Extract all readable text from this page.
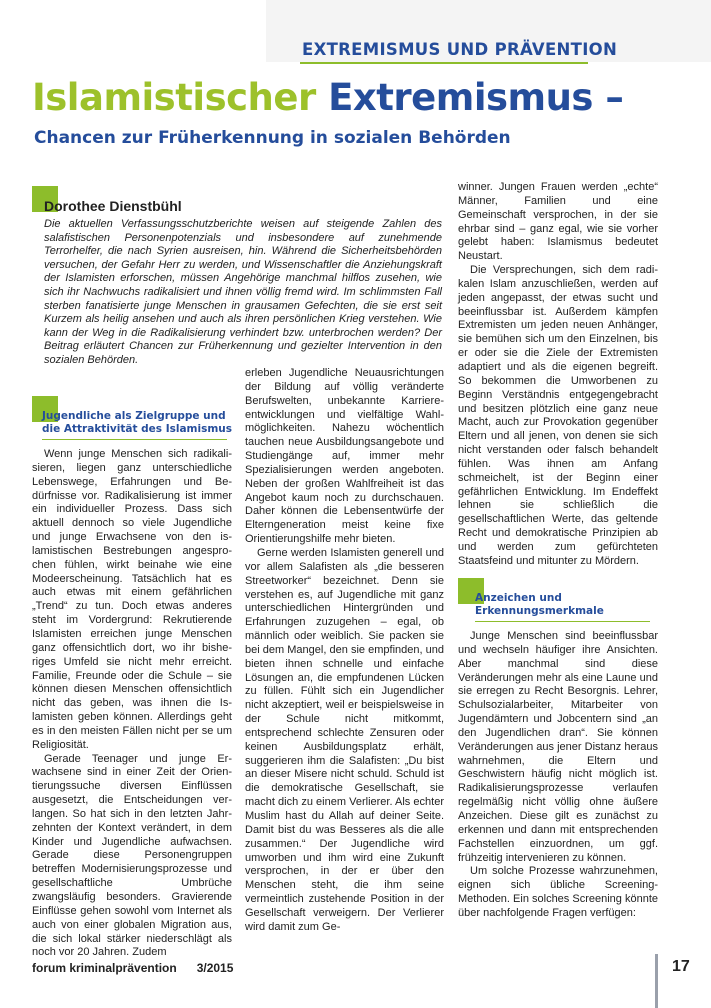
EXTREMISMUS UND PRÄVENTION
Islamistischer Extremismus –
Chancen zur Früherkennung in sozialen Behörden
Dorothee Dienstbühl

Die aktuellen Verfassungsschutzberichte weisen auf steigende Zahlen des salafistischen Personenpotenzials und insbesondere auf zunehmende Terrorhelfer, die nach Syrien ausreisen, hin. Während die Sicherheitsbehörden versuchen, der Gefahr Herr zu werden, und Wissenschaftler die Anziehungskraft der Islamisten erforschen, müssen Angehörige manchmal hilflos zusehen, wie sich ihr Nachwuchs radikalisiert und ihnen völlig fremd wird. Im schlimmsten Fall sterben fanatisierte junge Menschen in grausamen Gefechten, die sie erst seit Kurzem als heilig ansehen und auch als ihren persönlichen Krieg verstehen. Wie kann der Weg in die Radikalisierung verhindert bzw. unterbrochen werden? Der Beitrag erläutert Chancen zur Früherkennung und gezielter Intervention in den sozialen Behörden.

Jugendliche als Zielgruppe und die Attraktivität des Islamismus

Wenn junge Menschen sich radikalisieren, liegen ganz unterschiedliche Lebenswege, Erfahrungen und Bedürfnisse vor. Radikalisierung ist immer ein individueller Prozess. Dass sich aktuell dennoch so viele Jugendliche und junge Erwachsene von den islamistischen Bestrebungen angesprochen fühlen, wirkt beinahe wie eine Modeerscheinung. Tatsächlich hat es auch etwas mit einem gefährlichen „Trend“ zu tun. Doch etwas anderes steht im Vordergrund: Rekrutierende Islamisten erreichen junge Menschen ganz offensichtlich dort, wo ihr bisheriges Umfeld sie nicht mehr erreicht. Familie, Freunde oder die Schule – sie können diesen Menschen offensichtlich nicht das geben, was ihnen die Islamisten geben können. Allerdings geht es in den meisten Fällen nicht per se um Religiosität.

Gerade Teenager und junge Erwachsene sind in einer Zeit der Orientierungssuche diversen Einflüssen ausgesetzt, die Entscheidungen verlangen. So hat sich in den letzten Jahrzehnten der Kontext verändert, in dem Kinder und Jugendliche aufwachsen. Gerade diese Personengruppen betreffen Modernisierungsprozesse und gesellschaftliche Umbrüche zwangsläufig besonders. Gravierende Einflüsse gehen sowohl vom Internet als auch von einer globalen Migration aus, die sich lokal stärker niederschlägt als noch vor 20 Jahren. Zudem

erleben Jugendliche Neuausrichtungen der Bildung auf völlig veränderte Berufswelten, unbekannte Karriereentwicklungen und vielfältige Wahlmöglichkeiten. Nahezu wöchentlich tauchen neue Ausbildungsangebote und Studiengänge auf, immer mehr Spezialisierungen werden angeboten. Neben der großen Wahlfreiheit ist das Angebot kaum noch zu durchschauen. Daher können die Lebensentwürfe der Elterngeneration meist keine fixe Orientierungshilfe mehr bieten.

Gerne werden Islamisten generell und vor allem Salafisten als „die besseren Streetworker“ bezeichnet. Denn sie verstehen es, auf Jugendliche mit ganz unterschiedlichen Hintergründen und Erfahrungen zuzugehen – egal, ob männlich oder weiblich. Sie packen sie bei dem Mangel, den sie empfinden, und bieten ihnen schnelle und einfache Lösungen an, die empfundenen Lücken zu füllen. Fühlt sich ein Jugendlicher nicht akzeptiert, weil er beispielsweise in der Schule nicht mitkommt, entsprechend schlechte Zensuren oder keinen Ausbildungsplatz erhält, suggerieren ihm die Salafisten: „Du bist an dieser Misere nicht schuld. Schuld ist die demokratische Gesellschaft, sie macht dich zu einem Verlierer. Als echter Muslim hast du Allah auf deiner Seite. Damit bist du was Besseres als die alle zusammen.“ Der Jugendliche wird umworben und ihm wird eine Zukunft versprochen, in der er über den Menschen steht, die ihm seine vermeintlich zustehende Position in der Gesellschaft verweigern. Der Verlierer wird damit zum Ge-

winner. Jungen Frauen werden „echte“ Männer, Familien und eine Gemeinschaft versprochen, in der sie ehrbar sind – ganz egal, wie sie vorher gelebt haben: Islamismus bedeutet Neustart.

Die Versprechungen, sich dem radikalen Islam anzuschließen, werden auf jeden angepasst, der etwas sucht und beeinflussbar ist. Außerdem kämpfen Extremisten um jeden neuen Anhänger, sie bemühen sich um den Einzelnen, bis er oder sie die Ziele der Extremisten adaptiert und als die eigenen begreift. So bekommen die Umworbenen zu Beginn Verständnis entgegengebracht und besitzen plötzlich eine ganz neue Macht, auch zur Provokation gegenüber Eltern und all jenen, von denen sie sich nicht verstanden oder falsch behandelt fühlen. Was ihnen am Anfang schmeichelt, ist der Beginn einer gefährlichen Entwicklung. Im Endeffekt lehnen sie schließlich die gesellschaftlichen Werte, das geltende Recht und demokratische Prinzipien ab und werden zum gefürchteten Staatsfeind und mitunter zu Mördern.

Anzeichen und Erkennungsmerkmale

Junge Menschen sind beeinflussbar und wechseln häufiger ihre Ansichten. Aber manchmal sind diese Veränderungen mehr als eine Laune und sie erregen zu Recht Besorgnis. Lehrer, Schulsozialarbeiter, Mitarbeiter von Jugendämtern und Jobcentern sind „an den Jugendlichen dran“. Sie können Veränderungen aus jener Distanz heraus wahrnehmen, die Eltern und Geschwistern häufig nicht möglich ist. Radikalisierungsprozesse verlaufen regelmäßig nicht völlig ohne äußere Anzeichen. Diese gilt es zunächst zu erkennen und dann mit entsprechenden Fachstellen einzuordnen, um ggf. frühzeitig intervenieren zu können.

Um solche Prozesse wahrzunehmen, eignen sich übliche Screening-Methoden. Ein solches Screening könnte über nachfolgende Fragen verfügen:

forum kriminalprävention 3/2015	17
